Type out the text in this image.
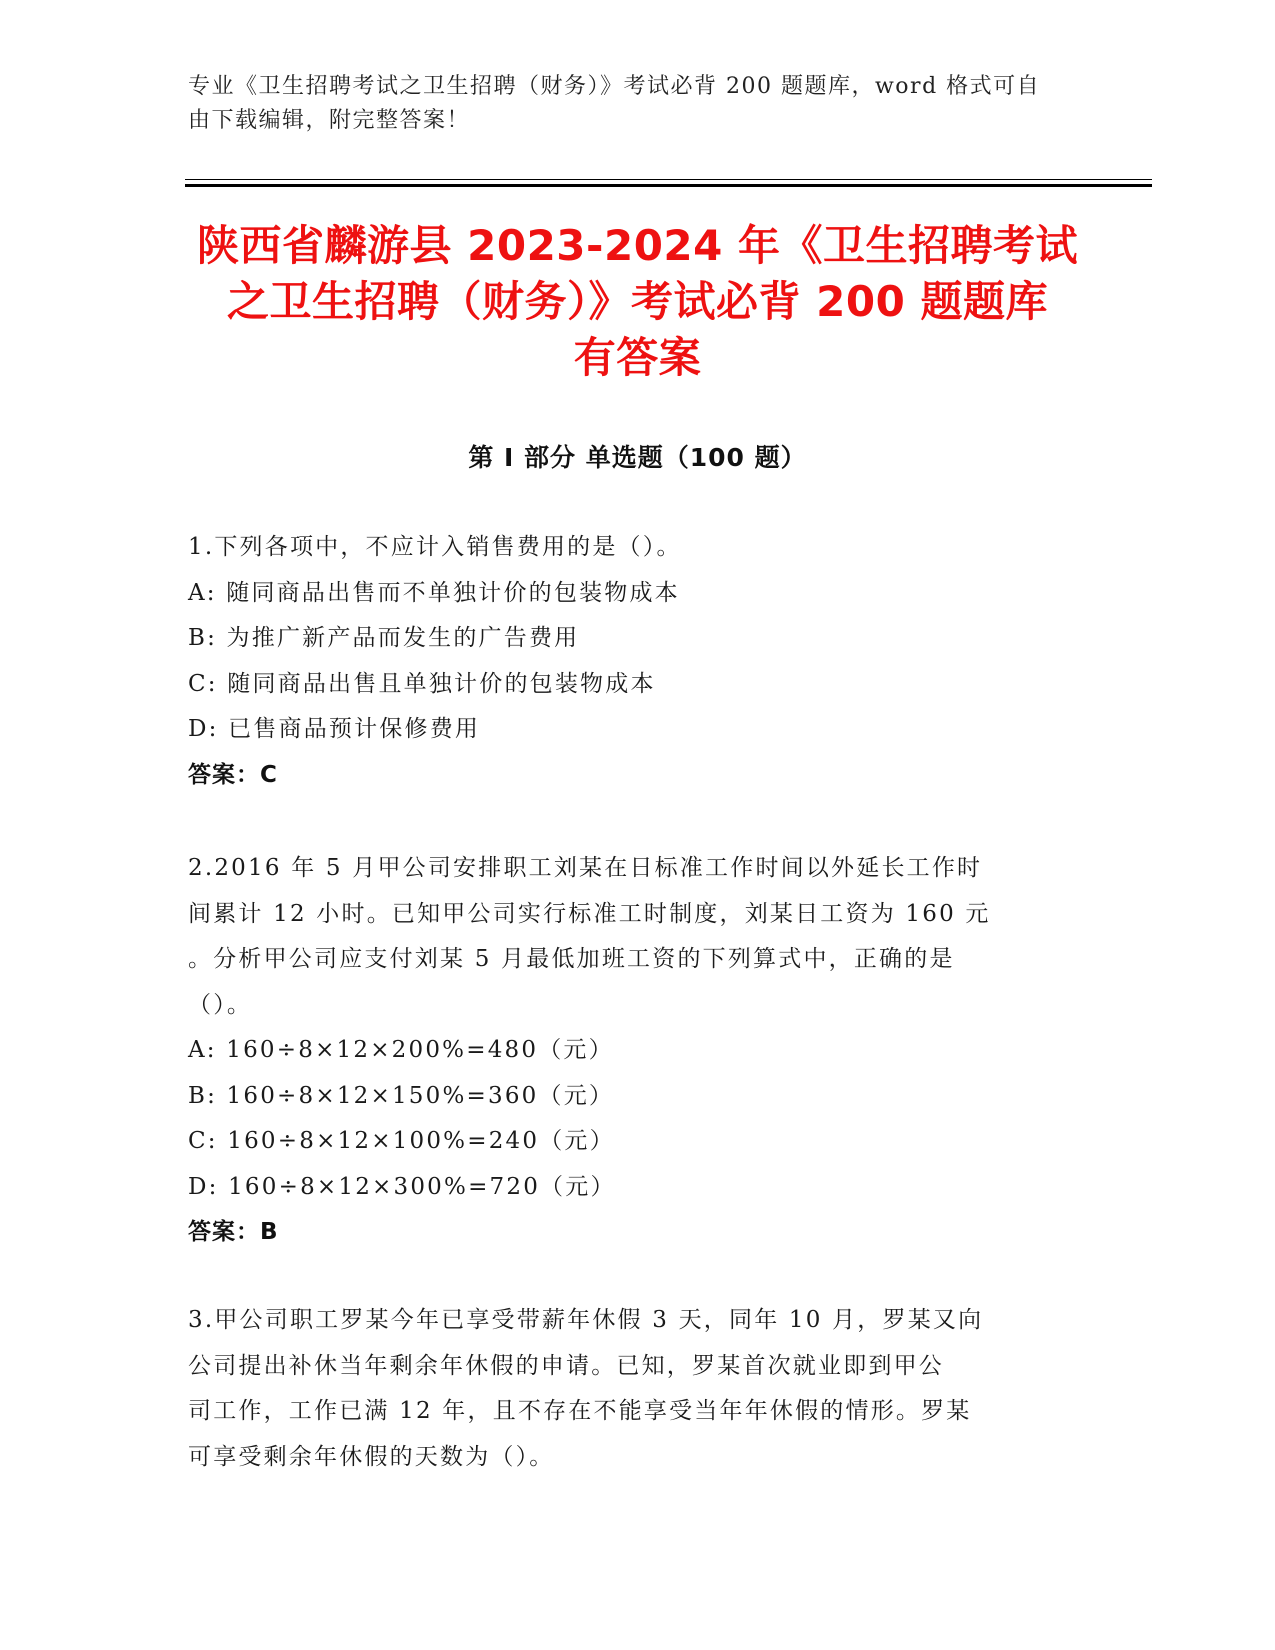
专业《卫生招聘考试之卫生招聘（财务）》考试必背 200 题题库，word 格式可自
由下载编辑，附完整答案！
陕西省麟游县 2023-2024 年《卫生招聘考试
之卫生招聘（财务）》考试必背 200 题题库
有答案
第 I 部分 单选题（100 题）
1.下列各项中，不应计入销售费用的是（）。
A: 随同商品出售而不单独计价的包装物成本
B: 为推广新产品而发生的广告费用
C: 随同商品出售且单独计价的包装物成本
D: 已售商品预计保修费用
答案：C
2.2016 年 5 月甲公司安排职工刘某在日标准工作时间以外延长工作时
间累计 12 小时。已知甲公司实行标准工时制度，刘某日工资为 160 元
。分析甲公司应支付刘某 5 月最低加班工资的下列算式中，正确的是
（）。
A: 160÷8×12×200%=480（元）
B: 160÷8×12×150%=360（元）
C: 160÷8×12×100%=240（元）
D: 160÷8×12×300%=720（元）
答案：B
3.甲公司职工罗某今年已享受带薪年休假 3 天，同年 10 月，罗某又向
公司提出补休当年剩余年休假的申请。已知，罗某首次就业即到甲公
司工作，工作已满 12 年，且不存在不能享受当年年休假的情形。罗某
可享受剩余年休假的天数为（）。
